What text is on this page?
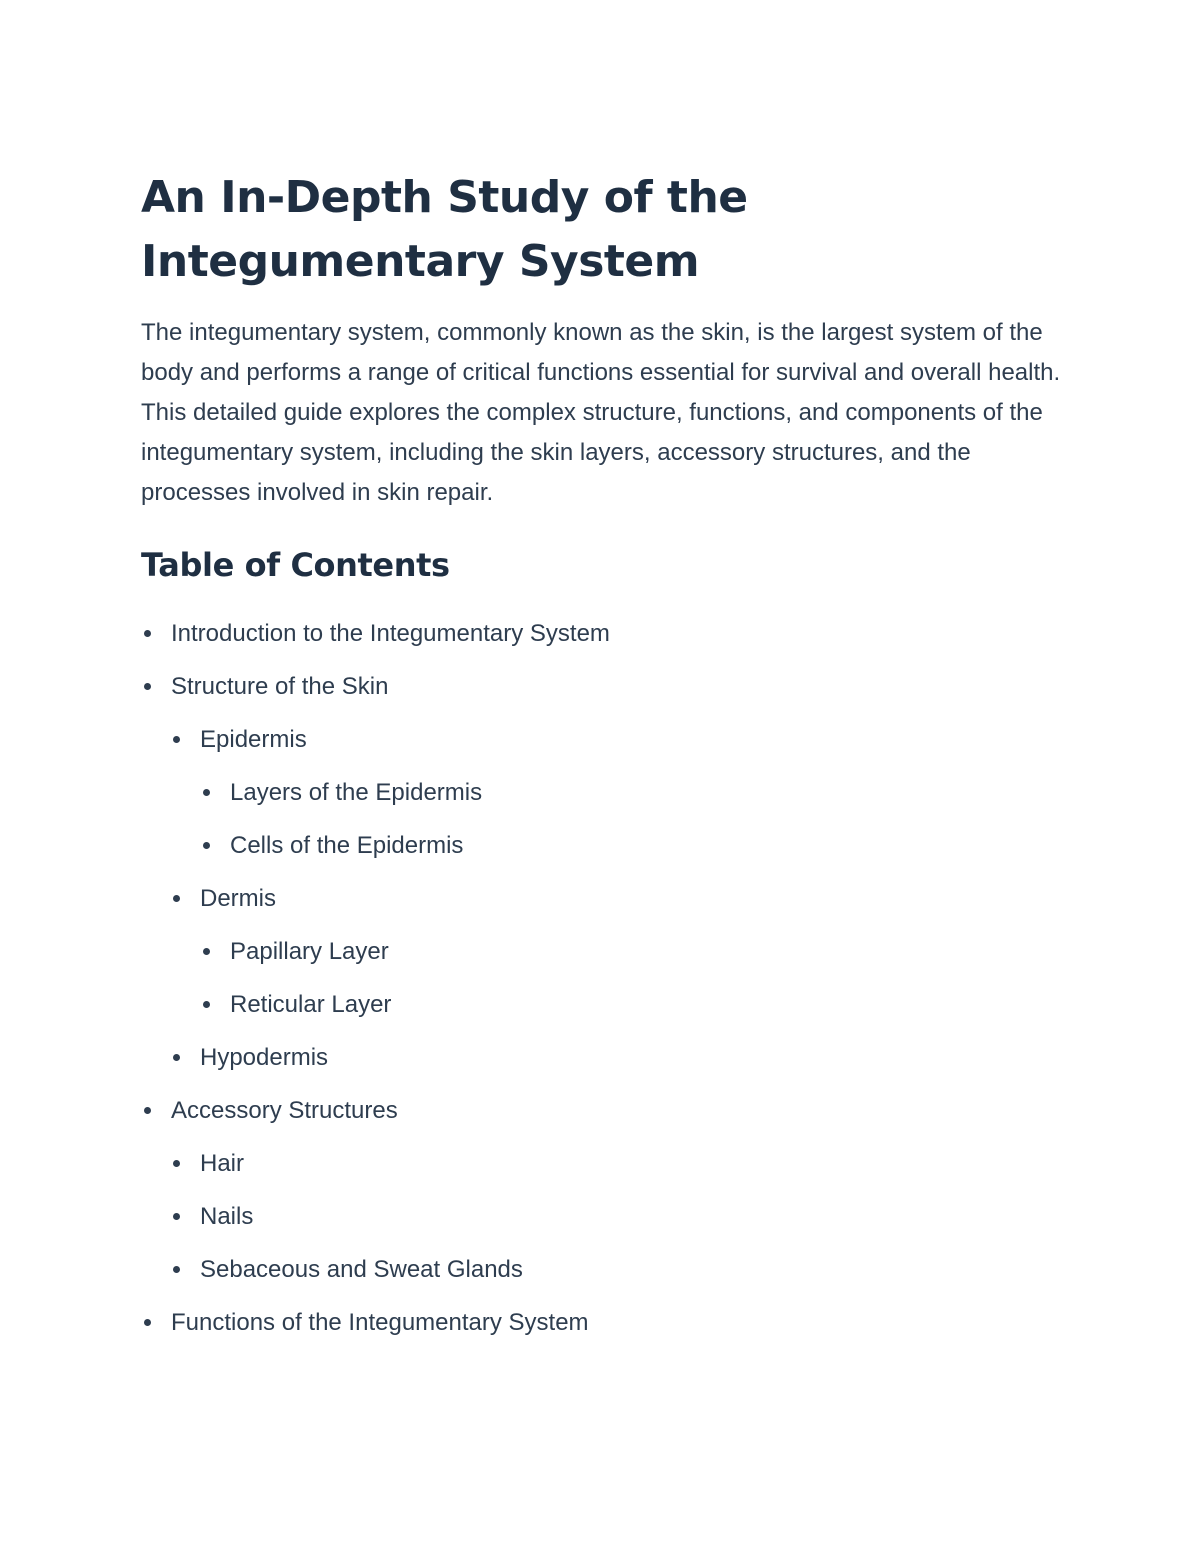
An In-Depth Study of the Integumentary System

The integumentary system, commonly known as the skin, is the largest system of the body and performs a range of critical functions essential for survival and overall health. This detailed guide explores the complex structure, functions, and components of the integumentary system, including the skin layers, accessory structures, and the processes involved in skin repair.

Table of Contents
Introduction to the Integumentary System
Structure of the Skin
Epidermis
Layers of the Epidermis
Cells of the Epidermis
Dermis
Papillary Layer
Reticular Layer
Hypodermis
Accessory Structures
Hair
Nails
Sebaceous and Sweat Glands
Functions of the Integumentary System
